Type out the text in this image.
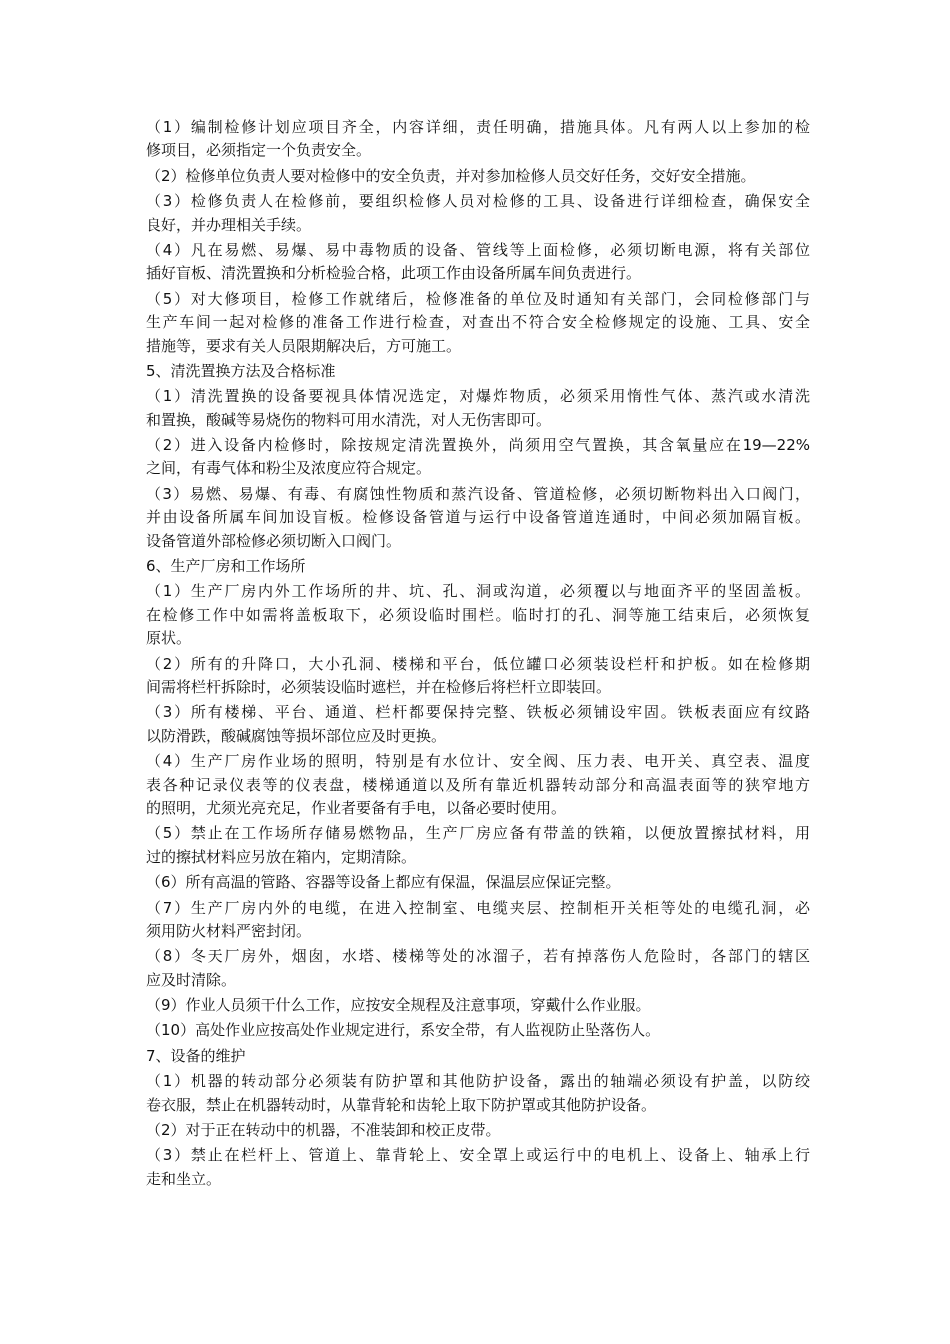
（1）编制检修计划应项目齐全，内容详细，责任明确，措施具体。凡有两人以上参加的检
修项目，必须指定一个负责安全。
（2）检修单位负责人要对检修中的安全负责，并对参加检修人员交好任务，交好安全措施。
（3）检修负责人在检修前，要组织检修人员对检修的工具、设备进行详细检查，确保安全
良好，并办理相关手续。
（4）凡在易燃、易爆、易中毒物质的设备、管线等上面检修，必须切断电源，将有关部位
插好盲板、清洗置换和分析检验合格，此项工作由设备所属车间负责进行。
（5）对大修项目，检修工作就绪后，检修准备的单位及时通知有关部门，会同检修部门与
生产车间一起对检修的准备工作进行检查，对查出不符合安全检修规定的设施、工具、安全
措施等，要求有关人员限期解决后，方可施工。
5、清洗置换方法及合格标准
（1）清洗置换的设备要视具体情况选定，对爆炸物质，必须采用惰性气体、蒸汽或水清洗
和置换，酸碱等易烧伤的物料可用水清洗，对人无伤害即可。
（2）进入设备内检修时，除按规定清洗置换外，尚须用空气置换，其含氧量应在19—22%
之间，有毒气体和粉尘及浓度应符合规定。
（3）易燃、易爆、有毒、有腐蚀性物质和蒸汽设备、管道检修，必须切断物料出入口阀门，
并由设备所属车间加设盲板。检修设备管道与运行中设备管道连通时，中间必须加隔盲板。
设备管道外部检修必须切断入口阀门。
6、生产厂房和工作场所
（1）生产厂房内外工作场所的井、坑、孔、洞或沟道，必须覆以与地面齐平的坚固盖板。
在检修工作中如需将盖板取下，必须设临时围栏。临时打的孔、洞等施工结束后，必须恢复
原状。
（2）所有的升降口，大小孔洞、楼梯和平台，低位罐口必须装设栏杆和护板。如在检修期
间需将栏杆拆除时，必须装设临时遮栏，并在检修后将栏杆立即装回。
（3）所有楼梯、平台、通道、栏杆都要保持完整、铁板必须铺设牢固。铁板表面应有纹路
以防滑跌，酸碱腐蚀等损坏部位应及时更换。
（4）生产厂房作业场的照明，特别是有水位计、安全阀、压力表、电开关、真空表、温度
表各种记录仪表等的仪表盘，楼梯通道以及所有靠近机器转动部分和高温表面等的狭窄地方
的照明，尤须光亮充足，作业者要备有手电，以备必要时使用。
（5）禁止在工作场所存储易燃物品，生产厂房应备有带盖的铁箱，以便放置擦拭材料，用
过的擦拭材料应另放在箱内，定期清除。
（6）所有高温的管路、容器等设备上都应有保温，保温层应保证完整。
（7）生产厂房内外的电缆，在进入控制室、电缆夹层、控制柜开关柜等处的电缆孔洞，必
须用防火材料严密封闭。
（8）冬天厂房外，烟囱，水塔、楼梯等处的冰溜子，若有掉落伤人危险时，各部门的辖区
应及时清除。
（9）作业人员须干什么工作，应按安全规程及注意事项，穿戴什么作业服。
（10）高处作业应按高处作业规定进行，系安全带，有人监视防止坠落伤人。
7、设备的维护
（1）机器的转动部分必须装有防护罩和其他防护设备，露出的轴端必须设有护盖，以防绞
卷衣服，禁止在机器转动时，从靠背轮和齿轮上取下防护罩或其他防护设备。
（2）对于正在转动中的机器，不准装卸和校正皮带。
（3）禁止在栏杆上、管道上、靠背轮上、安全罩上或运行中的电机上、设备上、轴承上行
走和坐立。
